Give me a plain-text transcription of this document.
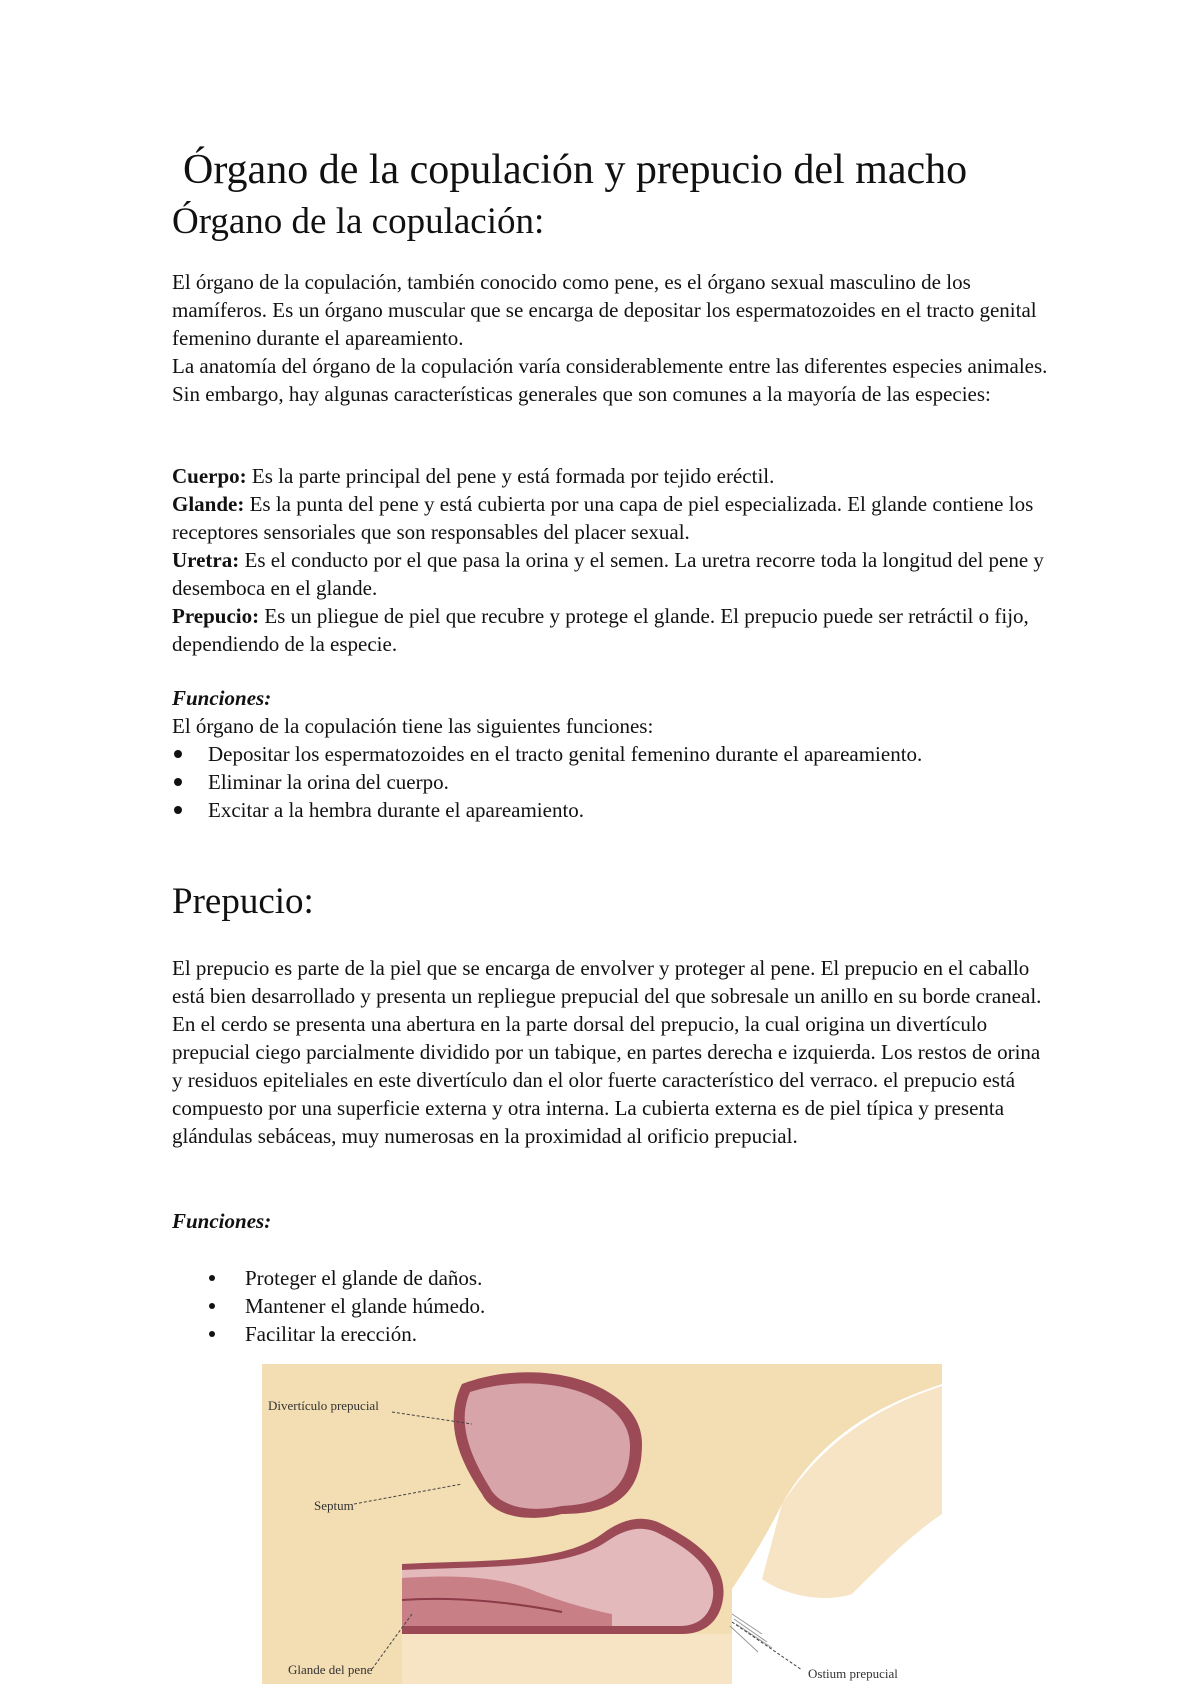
Órgano de la copulación y prepucio del macho
Órgano de la copulación:

El órgano de la copulación, también conocido como pene, es el órgano sexual masculino de los mamíferos. Es un órgano muscular que se encarga de depositar los espermatozoides en el tracto genital femenino durante el apareamiento.
La anatomía del órgano de la copulación varía considerablemente entre las diferentes especies animales. Sin embargo, hay algunas características generales que son comunes a la mayoría de las especies:

Cuerpo: Es la parte principal del pene y está formada por tejido eréctil.
Glande: Es la punta del pene y está cubierta por una capa de piel especializada. El glande contiene los receptores sensoriales que son responsables del placer sexual.
Uretra: Es el conducto por el que pasa la orina y el semen. La uretra recorre toda la longitud del pene y desemboca en el glande.
Prepucio: Es un pliegue de piel que recubre y protege el glande. El prepucio puede ser retráctil o fijo, dependiendo de la especie.

Funciones:

El órgano de la copulación tiene las siguientes funciones:

Depositar los espermatozoides en el tracto genital femenino durante el apareamiento.
Eliminar la orina del cuerpo.
Excitar a la hembra durante el apareamiento.
Prepucio:

El prepucio es parte de la piel que se encarga de envolver y proteger al pene. El prepucio en el caballo está bien desarrollado y presenta un repliegue prepucial del que sobresale un anillo en su borde craneal. En el cerdo se presenta una abertura en la parte dorsal del prepucio, la cual origina un divertículo prepucial ciego parcialmente dividido por un tabique, en partes derecha e izquierda. Los restos de orina y residuos epiteliales en este divertículo dan el olor fuerte característico del verraco. el prepucio está compuesto por una superficie externa y otra interna. La cubierta externa es de piel típica y presenta glándulas sebáceas, muy numerosas en la proximidad al orificio prepucial.

Funciones:

Proteger el glande de daños.
Mantener el glande húmedo.
Facilitar la erección.
Divertículo prepucial
Septum
Glande del pene	Ostium prepucial
